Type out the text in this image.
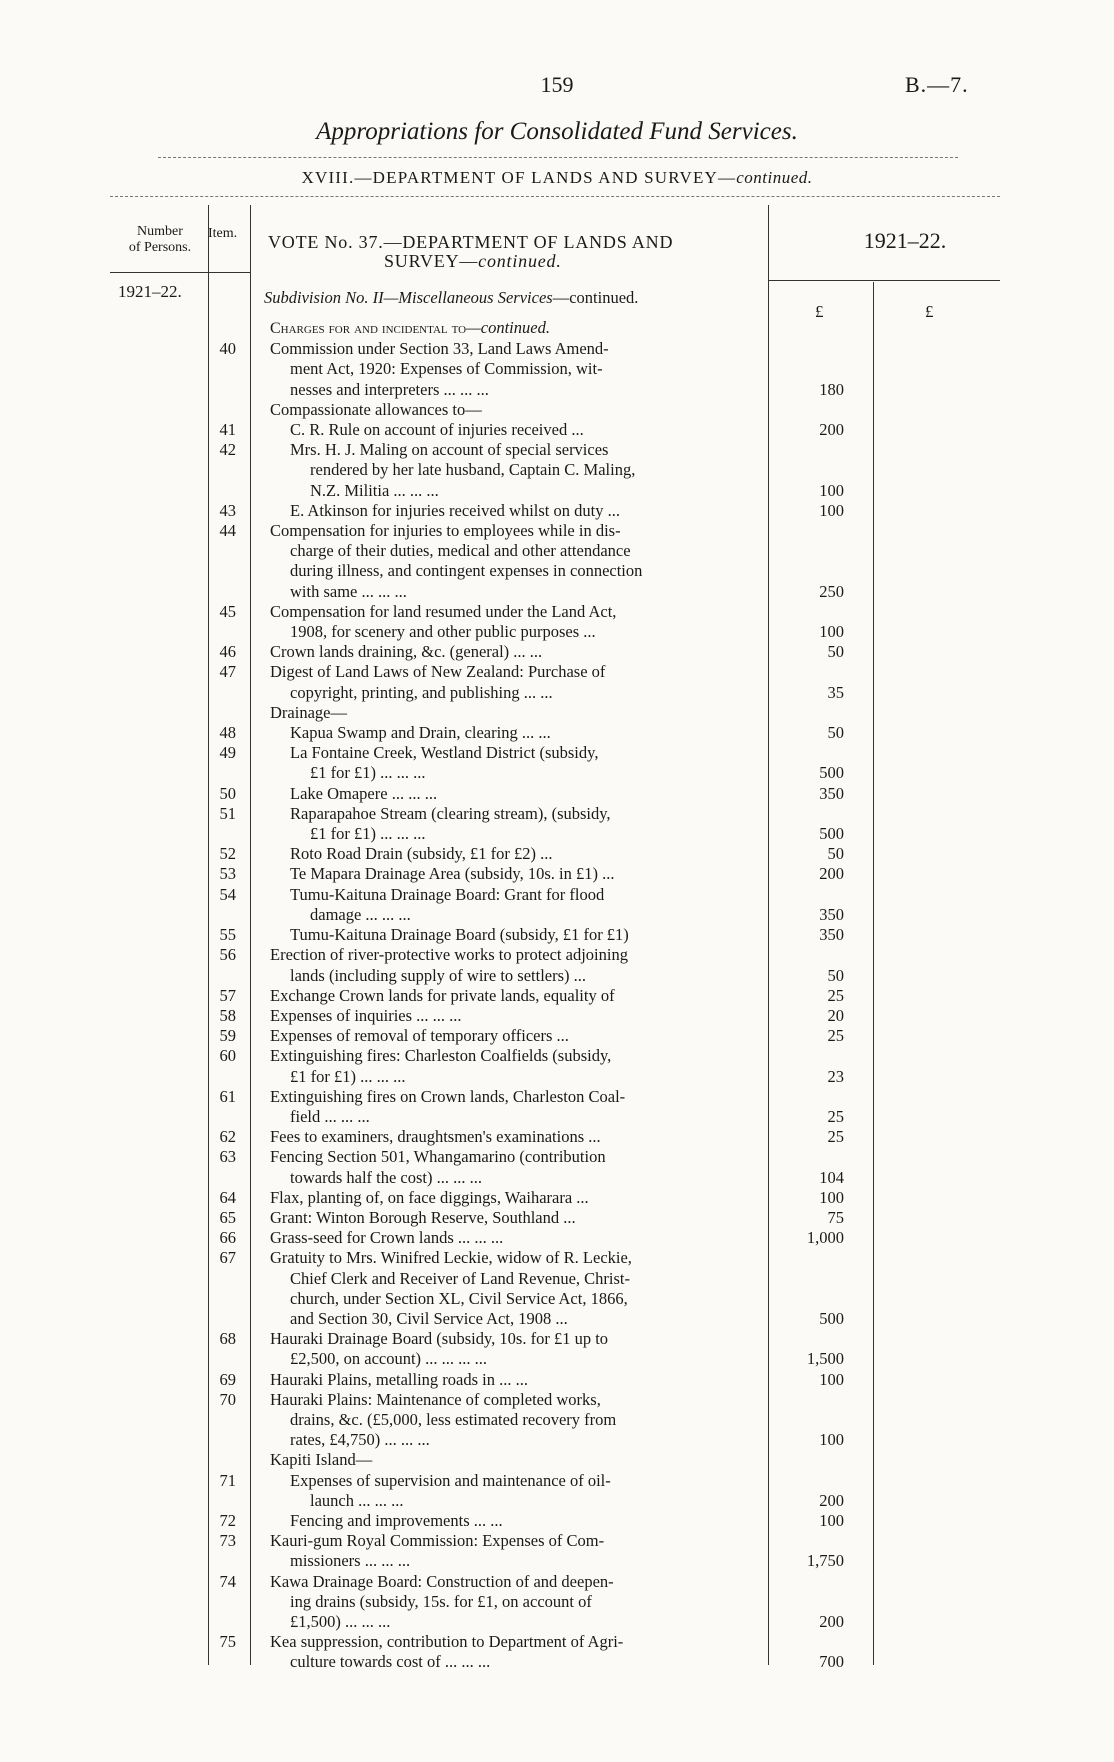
159	B.—7.
Appropriations for Consolidated Fund Services.
XVIII.—DEPARTMENT OF LANDS AND SURVEY—continued.
Number
of Persons.
Item. VOTE No. 37.—DEPARTMENT OF LANDS AND
SURVEY—continued.
1921–22.
1921–22.	Subdivision No. II—Miscellaneous Services—continued.
£	£
Charges for and incidental to—continued.
40	Commission under Section 33, Land Laws Amend-
ment Act, 1920: Expenses of Commission, wit-
nesses and interpreters ... ... ...	180
Compassionate allowances to—
41	C. R. Rule on account of injuries received ...	200
42	Mrs. H. J. Maling on account of special services
rendered by her late husband, Captain C. Maling,
N.Z. Militia ... ... ...	100
43	E. Atkinson for injuries received whilst on duty ...	100
44	Compensation for injuries to employees while in dis-
charge of their duties, medical and other attendance
during illness, and contingent expenses in connection
with same ... ... ...	250
45	Compensation for land resumed under the Land Act,
1908, for scenery and other public purposes ...	100
46	Crown lands draining, &c. (general) ... ...	50
47	Digest of Land Laws of New Zealand: Purchase of
copyright, printing, and publishing ... ...	35
Drainage—
48	Kapua Swamp and Drain, clearing ... ...	50
49	La Fontaine Creek, Westland District (subsidy,
£1 for £1) ... ... ...	500
50	Lake Omapere ... ... ...	350
51	Raparapahoe Stream (clearing stream), (subsidy,
£1 for £1) ... ... ...	500
52	Roto Road Drain (subsidy, £1 for £2) ...	50
53	Te Mapara Drainage Area (subsidy, 10s. in £1) ...	200
54	Tumu-Kaituna Drainage Board: Grant for flood
damage ... ... ...	350
55	Tumu-Kaituna Drainage Board (subsidy, £1 for £1)	350
56	Erection of river-protective works to protect adjoining
lands (including supply of wire to settlers) ...	50
57	Exchange Crown lands for private lands, equality of	25
58	Expenses of inquiries ... ... ...	20
59	Expenses of removal of temporary officers ...	25
60	Extinguishing fires: Charleston Coalfields (subsidy,
£1 for £1) ... ... ...	23
61	Extinguishing fires on Crown lands, Charleston Coal-
field ... ... ...	25
62	Fees to examiners, draughtsmen's examinations ...	25
63	Fencing Section 501, Whangamarino (contribution
towards half the cost) ... ... ...	104
64	Flax, planting of, on face diggings, Waiharara ...	100
65	Grant: Winton Borough Reserve, Southland ...	75
66	Grass-seed for Crown lands ... ... ...	1,000
67	Gratuity to Mrs. Winifred Leckie, widow of R. Leckie,
Chief Clerk and Receiver of Land Revenue, Christ-
church, under Section XL, Civil Service Act, 1866,
and Section 30, Civil Service Act, 1908 ...	500
68	Hauraki Drainage Board (subsidy, 10s. for £1 up to
£2,500, on account) ... ... ... ...	1,500
69	Hauraki Plains, metalling roads in ... ...	100
70	Hauraki Plains: Maintenance of completed works,
drains, &c. (£5,000, less estimated recovery from
rates, £4,750) ... ... ...	100
Kapiti Island—
71	Expenses of supervision and maintenance of oil-
launch ... ... ...	200
72	Fencing and improvements ... ...	100
73	Kauri-gum Royal Commission: Expenses of Com-
missioners ... ... ...	1,750
74	Kawa Drainage Board: Construction of and deepen-
ing drains (subsidy, 15s. for £1, on account of
£1,500) ... ... ...	200
75	Kea suppression, contribution to Department of Agri-
culture towards cost of ... ... ...	700
